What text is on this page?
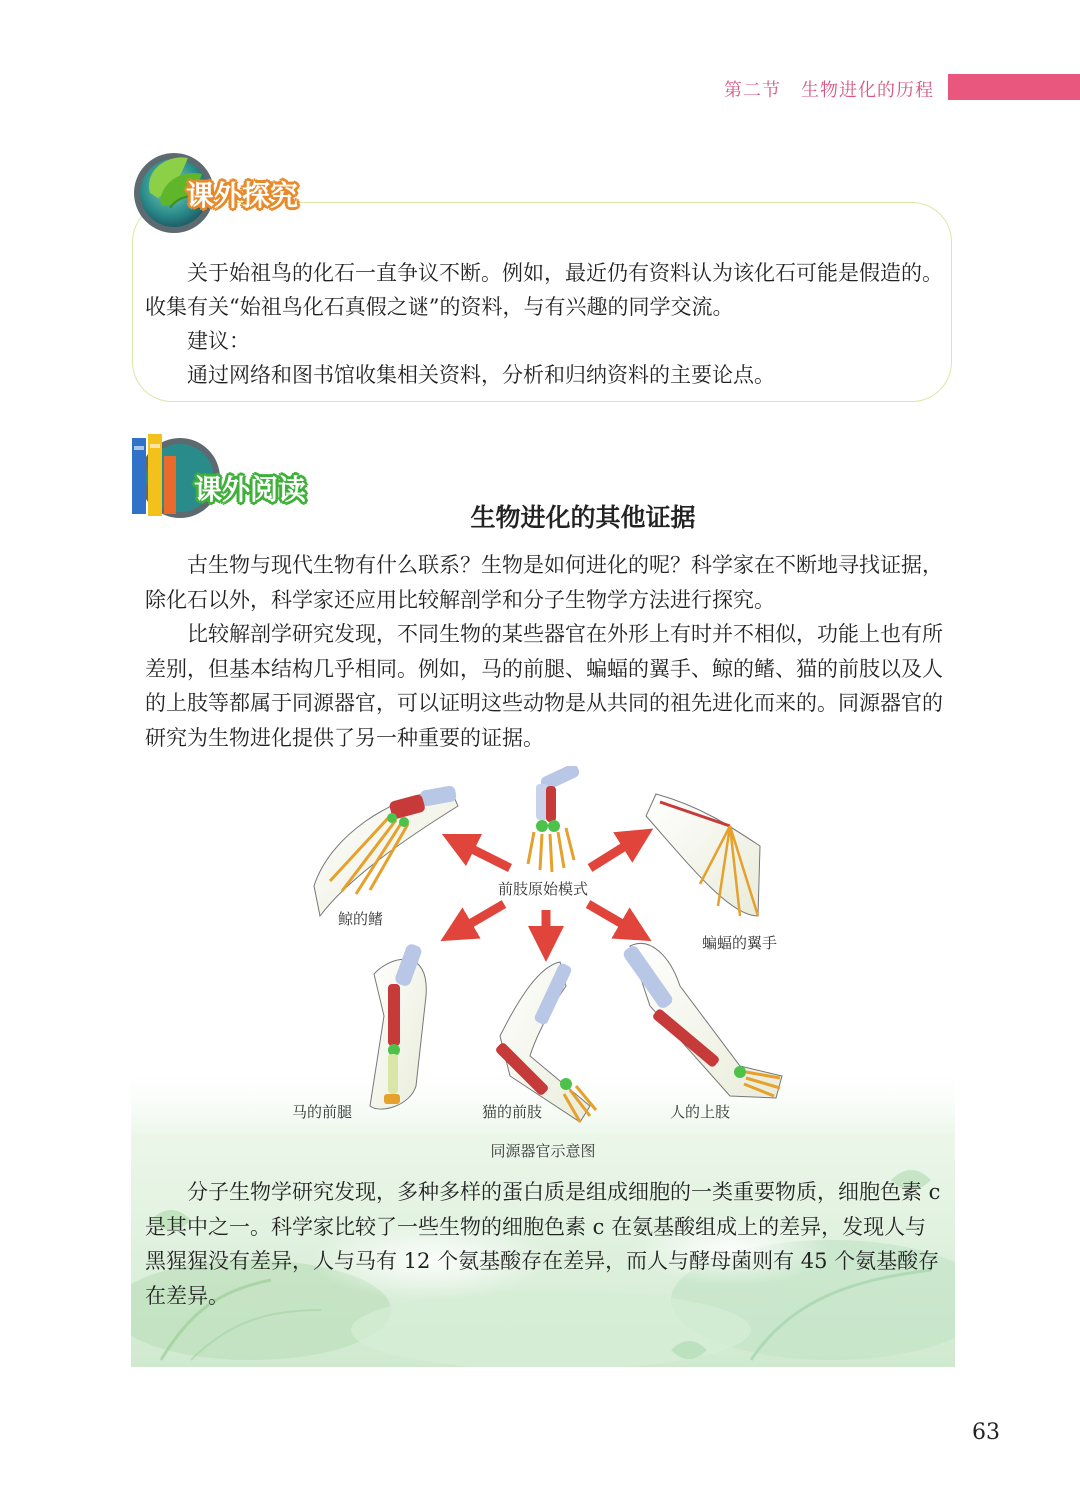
第二节 生物进化的历程
课外探究

关于始祖鸟的化石一直争议不断。例如，最近仍有资料认为该化石可能是假造的。收集有关“始祖鸟化石真假之谜”的资料，与有兴趣的同学交流。

建议：

通过网络和图书馆收集相关资料，分析和归纳资料的主要论点。

课外阅读
生物进化的其他证据

古生物与现代生物有什么联系？生物是如何进化的呢？科学家在不断地寻找证据，除化石以外，科学家还应用比较解剖学和分子生物学方法进行探究。

比较解剖学研究发现，不同生物的某些器官在外形上有时并不相似，功能上也有所差别，但基本结构几乎相同。例如，马的前腿、蝙蝠的翼手、鲸的鳍、猫的前肢以及人的上肢等都属于同源器官，可以证明这些动物是从共同的祖先进化而来的。同源器官的研究为生物进化提供了另一种重要的证据。

前肢原始模式
鲸的鳍
蝙蝠的翼手
马的前腿	猫的前肢	人的上肢
同源器官示意图

分子生物学研究发现，多种多样的蛋白质是组成细胞的一类重要物质，细胞色素 c 是其中之一。科学家比较了一些生物的细胞色素 c 在氨基酸组成上的差异，发现人与黑猩猩没有差异，人与马有 12 个氨基酸存在差异，而人与酵母菌则有 45 个氨基酸存在差异。

63
